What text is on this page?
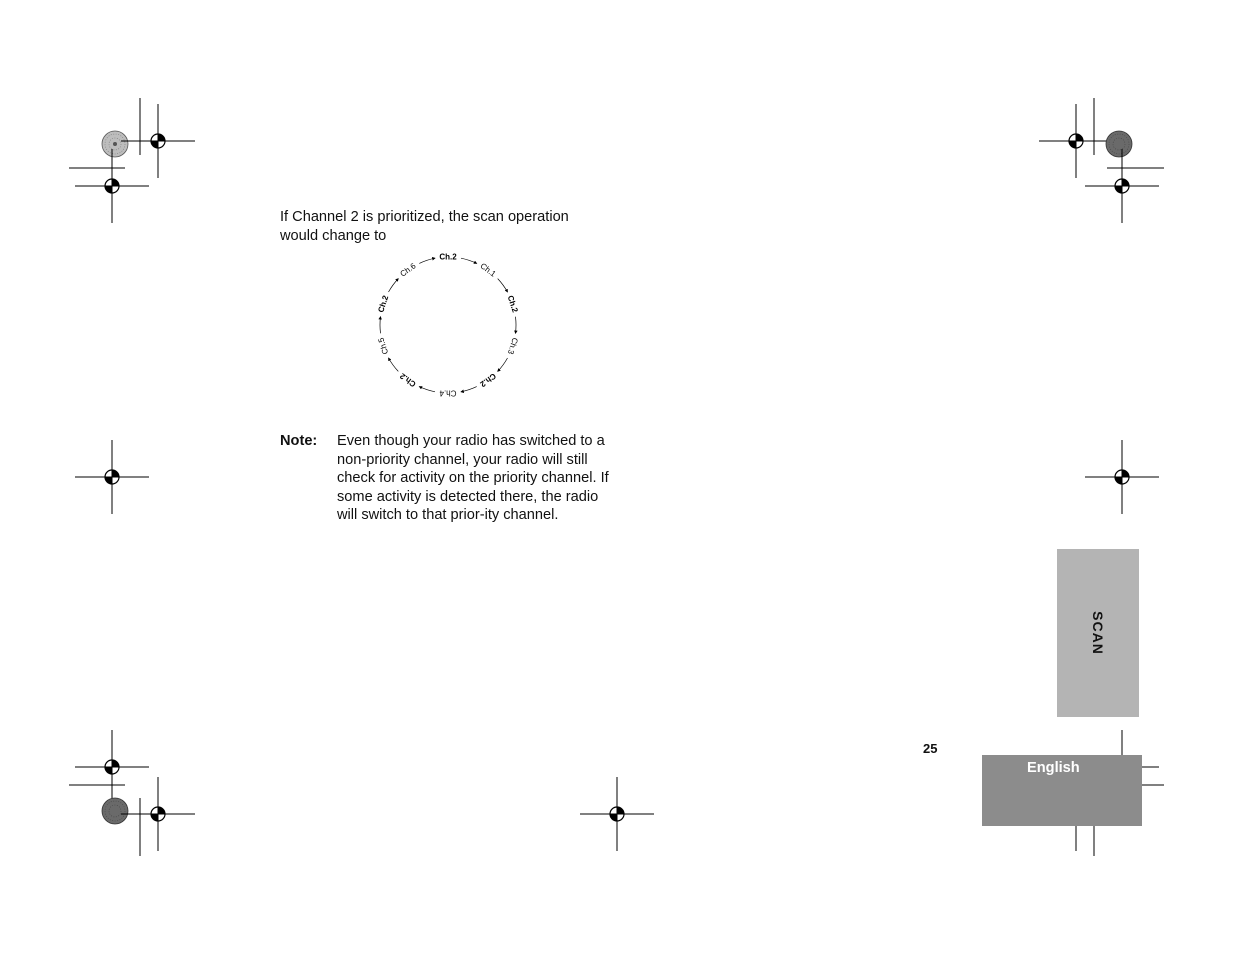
If Channel 2 is prioritized, the scan operation would change to

Ch.2
Ch.1
Ch.2
Ch.3
Ch.2
Ch.4
Ch.2
Ch.5
Ch.2
Ch.6
Note: Even though your radio has switched to a non-priority channel, your radio will still check for activity on the priority channel. If some activity is detected there, the radio will switch to that prior-ity channel.

SCAN
25
English
